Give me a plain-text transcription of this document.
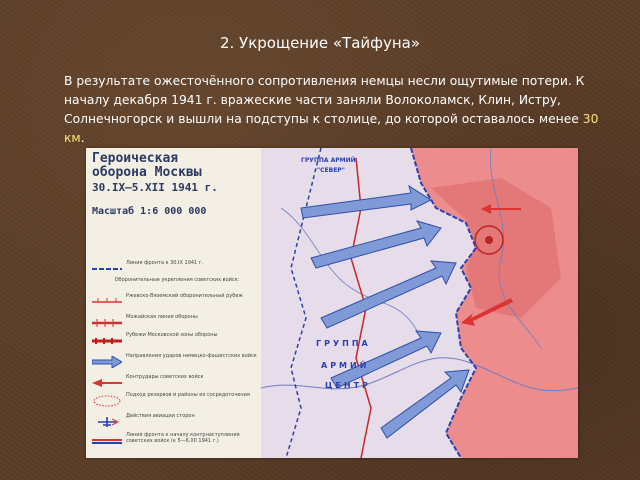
2. Укрощение «Тайфуна»
В результате ожесточённого сопротивления немцы несли ощутимые потери. К началу декабря 1941 г. вражеские части заняли Волоколамск, Клин, Истру, Солнечногорск и вышли на подступы к столице, до которой оставалось менее 30 км.
Героическая
оборона Москвы
30.IX—5.XII 1941 г.
Масштаб 1:6 000 000
Линия фронта к 30.IX 1941 г.
Оборонительные укрепления советских войск:
Ржевско-Вяземский оборонительный рубеж
Можайская линия обороны
Рубежи Московской зоны обороны
Направления ударов немецко-фашистских войск
Контрудары советских войск
Подход резервов и районы их сосредоточения
Действия авиации сторон
Линия фронта к началу контрнаступления советских войск (к 5—6.XII 1941 г.)
ГРУППА АРМИЙ
"СЕВЕР"
ГРУППА
АРМИЙ
ЦЕНТР
